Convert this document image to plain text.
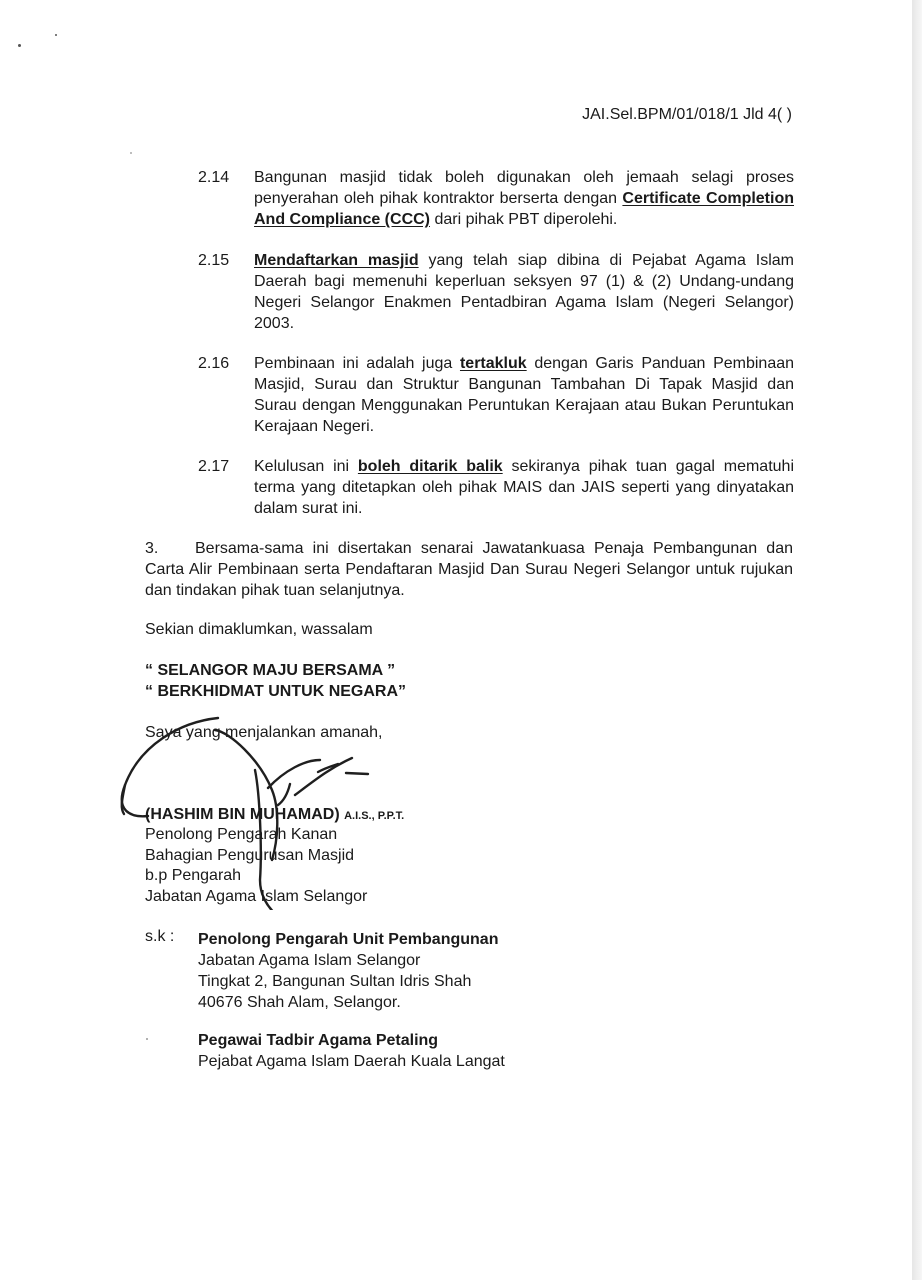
JAI.Sel.BPM/01/018/1 Jld 4( )
2.14	Bangunan masjid tidak boleh digunakan oleh jemaah selagi proses penyerahan oleh pihak kontraktor berserta dengan Certificate Completion And Compliance (CCC) dari pihak PBT diperolehi.
2.15	Mendaftarkan masjid yang telah siap dibina di Pejabat Agama Islam Daerah bagi memenuhi keperluan seksyen 97 (1) & (2) Undang-undang Negeri Selangor Enakmen Pentadbiran Agama Islam (Negeri Selangor) 2003.
2.16	Pembinaan ini adalah juga tertakluk dengan Garis Panduan Pembinaan Masjid, Surau dan Struktur Bangunan Tambahan Di Tapak Masjid dan Surau dengan Menggunakan Peruntukan Kerajaan atau Bukan Peruntukan Kerajaan Negeri.
2.17	Kelulusan ini boleh ditarik balik sekiranya pihak tuan gagal mematuhi terma yang ditetapkan oleh pihak MAIS dan JAIS seperti yang dinyatakan dalam surat ini.
3. Bersama-sama ini disertakan senarai Jawatankuasa Penaja Pembangunan dan Carta Alir Pembinaan serta Pendaftaran Masjid Dan Surau Negeri Selangor untuk rujukan dan tindakan pihak tuan selanjutnya.
Sekian dimaklumkan, wassalam
“ SELANGOR MAJU BERSAMA ”
“ BERKHIDMAT UNTUK NEGARA”
Saya yang menjalankan amanah,
(HASHIM BIN MUHAMAD) A.I.S., P.P.T.
Penolong Pengarah Kanan
Bahagian Pengurusan Masjid
b.p Pengarah
Jabatan Agama Islam Selangor
s.k : Penolong Pengarah Unit Pembangunan
Jabatan Agama Islam Selangor
Tingkat 2, Bangunan Sultan Idris Shah
40676 Shah Alam, Selangor.
Pegawai Tadbir Agama Petaling
Pejabat Agama Islam Daerah Kuala Langat
